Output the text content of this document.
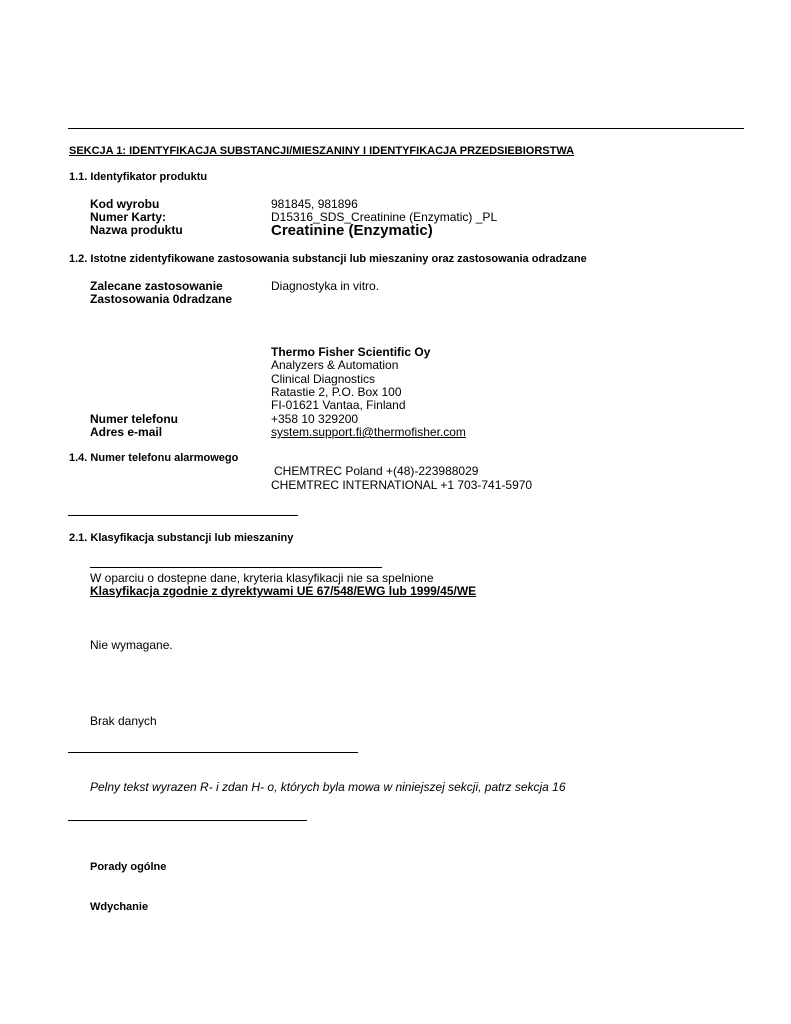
SEKCJA 1: IDENTYFIKACJA SUBSTANCJI/MIESZANINY I IDENTYFIKACJA PRZEDSIEBIORSTWA
1.1. Identyfikator produktu
Kod wyrobu	981845, 981896
Numer Karty:	D15316_SDS_Creatinine (Enzymatic) _PL
Nazwa produktu	Creatinine (Enzymatic)
1.2. Istotne zidentyfikowane zastosowania substancji lub mieszaniny oraz zastosowania odradzane
Zalecane zastosowanie	Diagnostyka in vitro.
Zastosowania 0dradzane
Thermo Fisher Scientific Oy
Analyzers & Automation
Clinical Diagnostics
Ratastie 2, P.O. Box 100
FI-01621 Vantaa, Finland
Numer telefonu	+358 10 329200
Adres e-mail	system.support.fi@thermofisher.com
1.4. Numer telefonu alarmowego
CHEMTREC Poland +(48)-223988029
CHEMTREC INTERNATIONAL +1 703-741-5970
2.1. Klasyfikacja substancji lub mieszaniny
W oparciu o dostepne dane, kryteria klasyfikacji nie sa spelnione
Klasyfikacja zgodnie z dyrektywami UE 67/548/EWG lub 1999/45/WE
Nie wymagane.
Brak danych
Pelny tekst wyrazen R- i zdan H- o, których byla mowa w niniejszej sekcji, patrz sekcja 16
Porady ogólne
Wdychanie
